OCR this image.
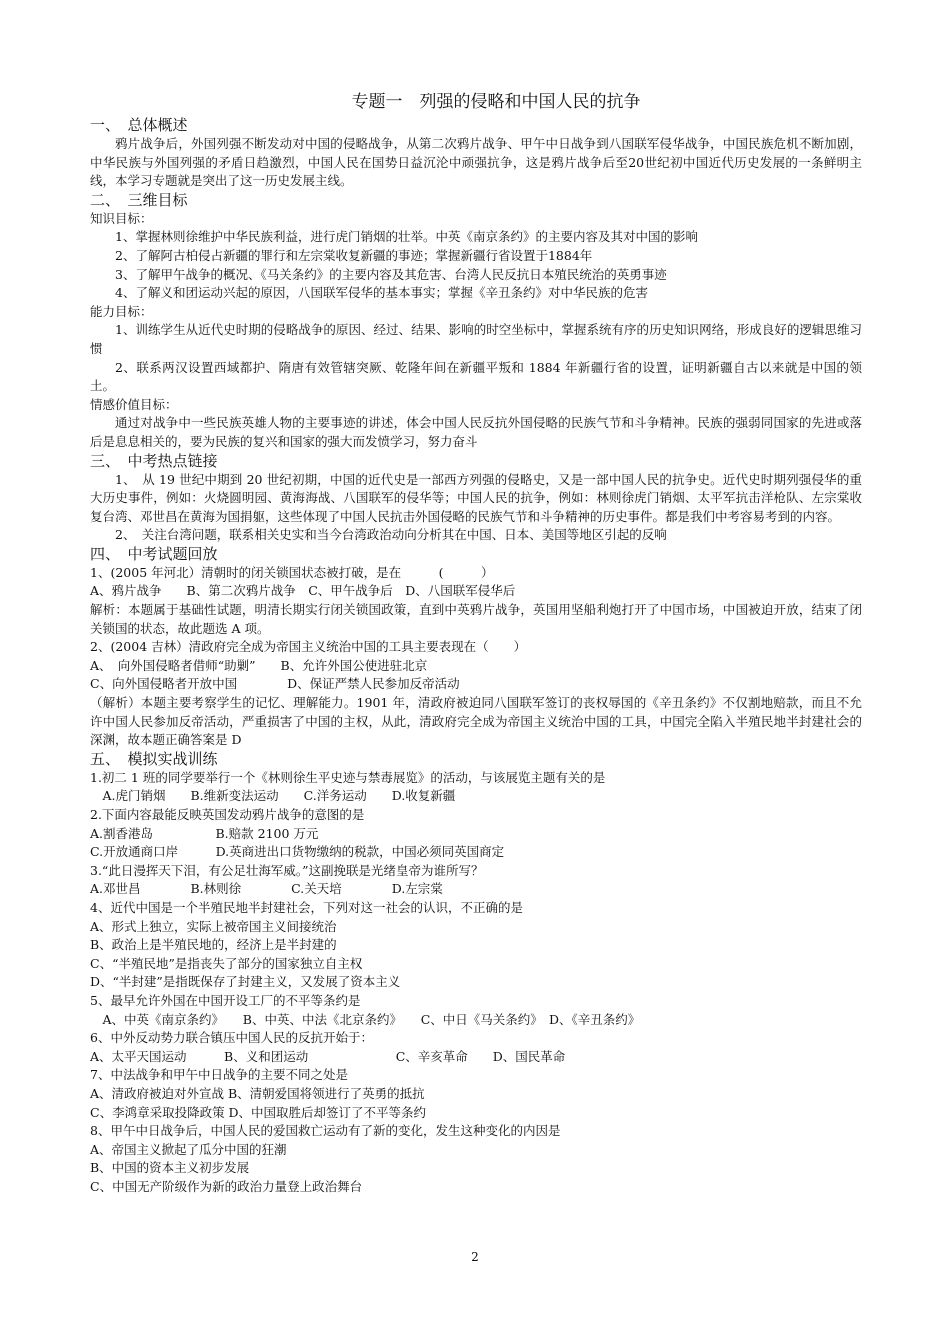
专题一　列强的侵略和中国人民的抗争

一、　总体概述

鸦片战争后，外国列强不断发动对中国的侵略战争，从第二次鸦片战争、甲午中日战争到八国联军侵华战争，中国民族危机不断加剧，中华民族与外国列强的矛盾日趋激烈，中国人民在国势日益沉沦中顽强抗争，这是鸦片战争后至20世纪初中国近代历史发展的一条鲜明主线，本学习专题就是突出了这一历史发展主线。

二、　三维目标

知识目标：

1、掌握林则徐维护中华民族利益，进行虎门销烟的壮举。中英《南京条约》的主要内容及其对中国的影响

2、了解阿古柏侵占新疆的罪行和左宗棠收复新疆的事迹；掌握新疆行省设置于1884年

3、了解甲午战争的概况、《马关条约》的主要内容及其危害、台湾人民反抗日本殖民统治的英勇事迹

4、了解义和团运动兴起的原因，八国联军侵华的基本事实；掌握《辛丑条约》对中华民族的危害

能力目标：

1、训练学生从近代史时期的侵略战争的原因、经过、结果、影响的时空坐标中，掌握系统有序的历史知识网络，形成良好的逻辑思维习惯

2、联系两汉设置西域都护、隋唐有效管辖突厥、乾隆年间在新疆平叛和 1884 年新疆行省的设置，证明新疆自古以来就是中国的领土。

情感价值目标：

通过对战争中一些民族英雄人物的主要事迹的讲述，体会中国人民反抗外国侵略的民族气节和斗争精神。民族的强弱同国家的先进或落后是息息相关的，要为民族的复兴和国家的强大而发愤学习，努力奋斗

三、　中考热点链接

1、　从 19 世纪中期到 20 世纪初期，中国的近代史是一部西方列强的侵略史，又是一部中国人民的抗争史。近代史时期列强侵华的重大历史事件，例如：火烧圆明园、黄海海战、八国联军的侵华等；中国人民的抗争，例如：林则徐虎门销烟、太平军抗击洋枪队、左宗棠收复台湾、邓世昌在黄海为国捐躯，这些体现了中国人民抗击外国侵略的民族气节和斗争精神的历史事件。都是我们中考容易考到的内容。

2、　关注台湾问题，联系相关史实和当今台湾政治动向分析其在中国、日本、美国等地区引起的反响

四、　中考试题回放

1、(2005 年河北）清朝时的闭关锁国状态被打破，是在　　　(　　　）

A、鸦片战争　　B、第二次鸦片战争　C、甲午战争后　D、八国联军侵华后

解析：本题属于基础性试题，明清长期实行闭关锁国政策，直到中英鸦片战争，英国用坚船利炮打开了中国市场，中国被迫开放，结束了闭关锁国的状态，故此题选 A 项。

2、(2004 吉林）清政府完全成为帝国主义统治中国的工具主要表现在（　　）

A、　向外国侵略者借师“助剿”　　B、允许外国公使进驻北京

C、向外国侵略者开放中国　　　　D、保证严禁人民参加反帝活动

（解析）本题主要考察学生的记忆、理解能力。1901 年，清政府被迫同八国联军签订的丧权辱国的《辛丑条约》不仅割地赔款，而且不允许中国人民参加反帝活动，严重损害了中国的主权，从此，清政府完全成为帝国主义统治中国的工具，中国完全陷入半殖民地半封建社会的深渊，故本题正确答案是 D

五、　模拟实战训练

1.初二 1 班的同学要举行一个《林则徐生平史迹与禁毒展览》的活动，与该展览主题有关的是

　A.虎门销烟　　B.维新变法运动　　C.洋务运动　　D.收复新疆

2.下面内容最能反映英国发动鸦片战争的意图的是

A.割香港岛　　　　　B.赔款 2100 万元

C.开放通商口岸　　　D.英商进出口货物缴纳的税款，中国必须同英国商定

3.“此日漫挥天下泪，有公足壮海军威。”这副挽联是光绪皇帝为谁所写？

A.邓世昌　　　　B.林则徐　　　　C.关天培　　　　D.左宗棠

4、近代中国是一个半殖民地半封建社会，下列对这一社会的认识，不正确的是

A、形式上独立，实际上被帝国主义间接统治

B、政治上是半殖民地的，经济上是半封建的

C、“半殖民地”是指丧失了部分的国家独立自主权

D、“半封建”是指既保存了封建主义，又发展了资本主义

5、最早允许外国在中国开设工厂的不平等条约是

　A、中英《南京条约》　　B、中英、中法《北京条约》　　C、中日《马关条约》　D、《辛丑条约》

6、中外反动势力联合镇压中国人民的反抗开始于：

A、太平天国运动　　　B、义和团运动　　　　　　　C、辛亥革命　　D、国民革命

7、中法战争和甲午中日战争的主要不同之处是

A、清政府被迫对外宣战 B、清朝爱国将领进行了英勇的抵抗

C、李鸿章采取投降政策 D、中国取胜后却签订了不平等条约

8、甲午中日战争后，中国人民的爱国救亡运动有了新的变化，发生这种变化的内因是

A、帝国主义掀起了瓜分中国的狂潮

B、中国的资本主义初步发展

C、中国无产阶级作为新的政治力量登上政治舞台

2
